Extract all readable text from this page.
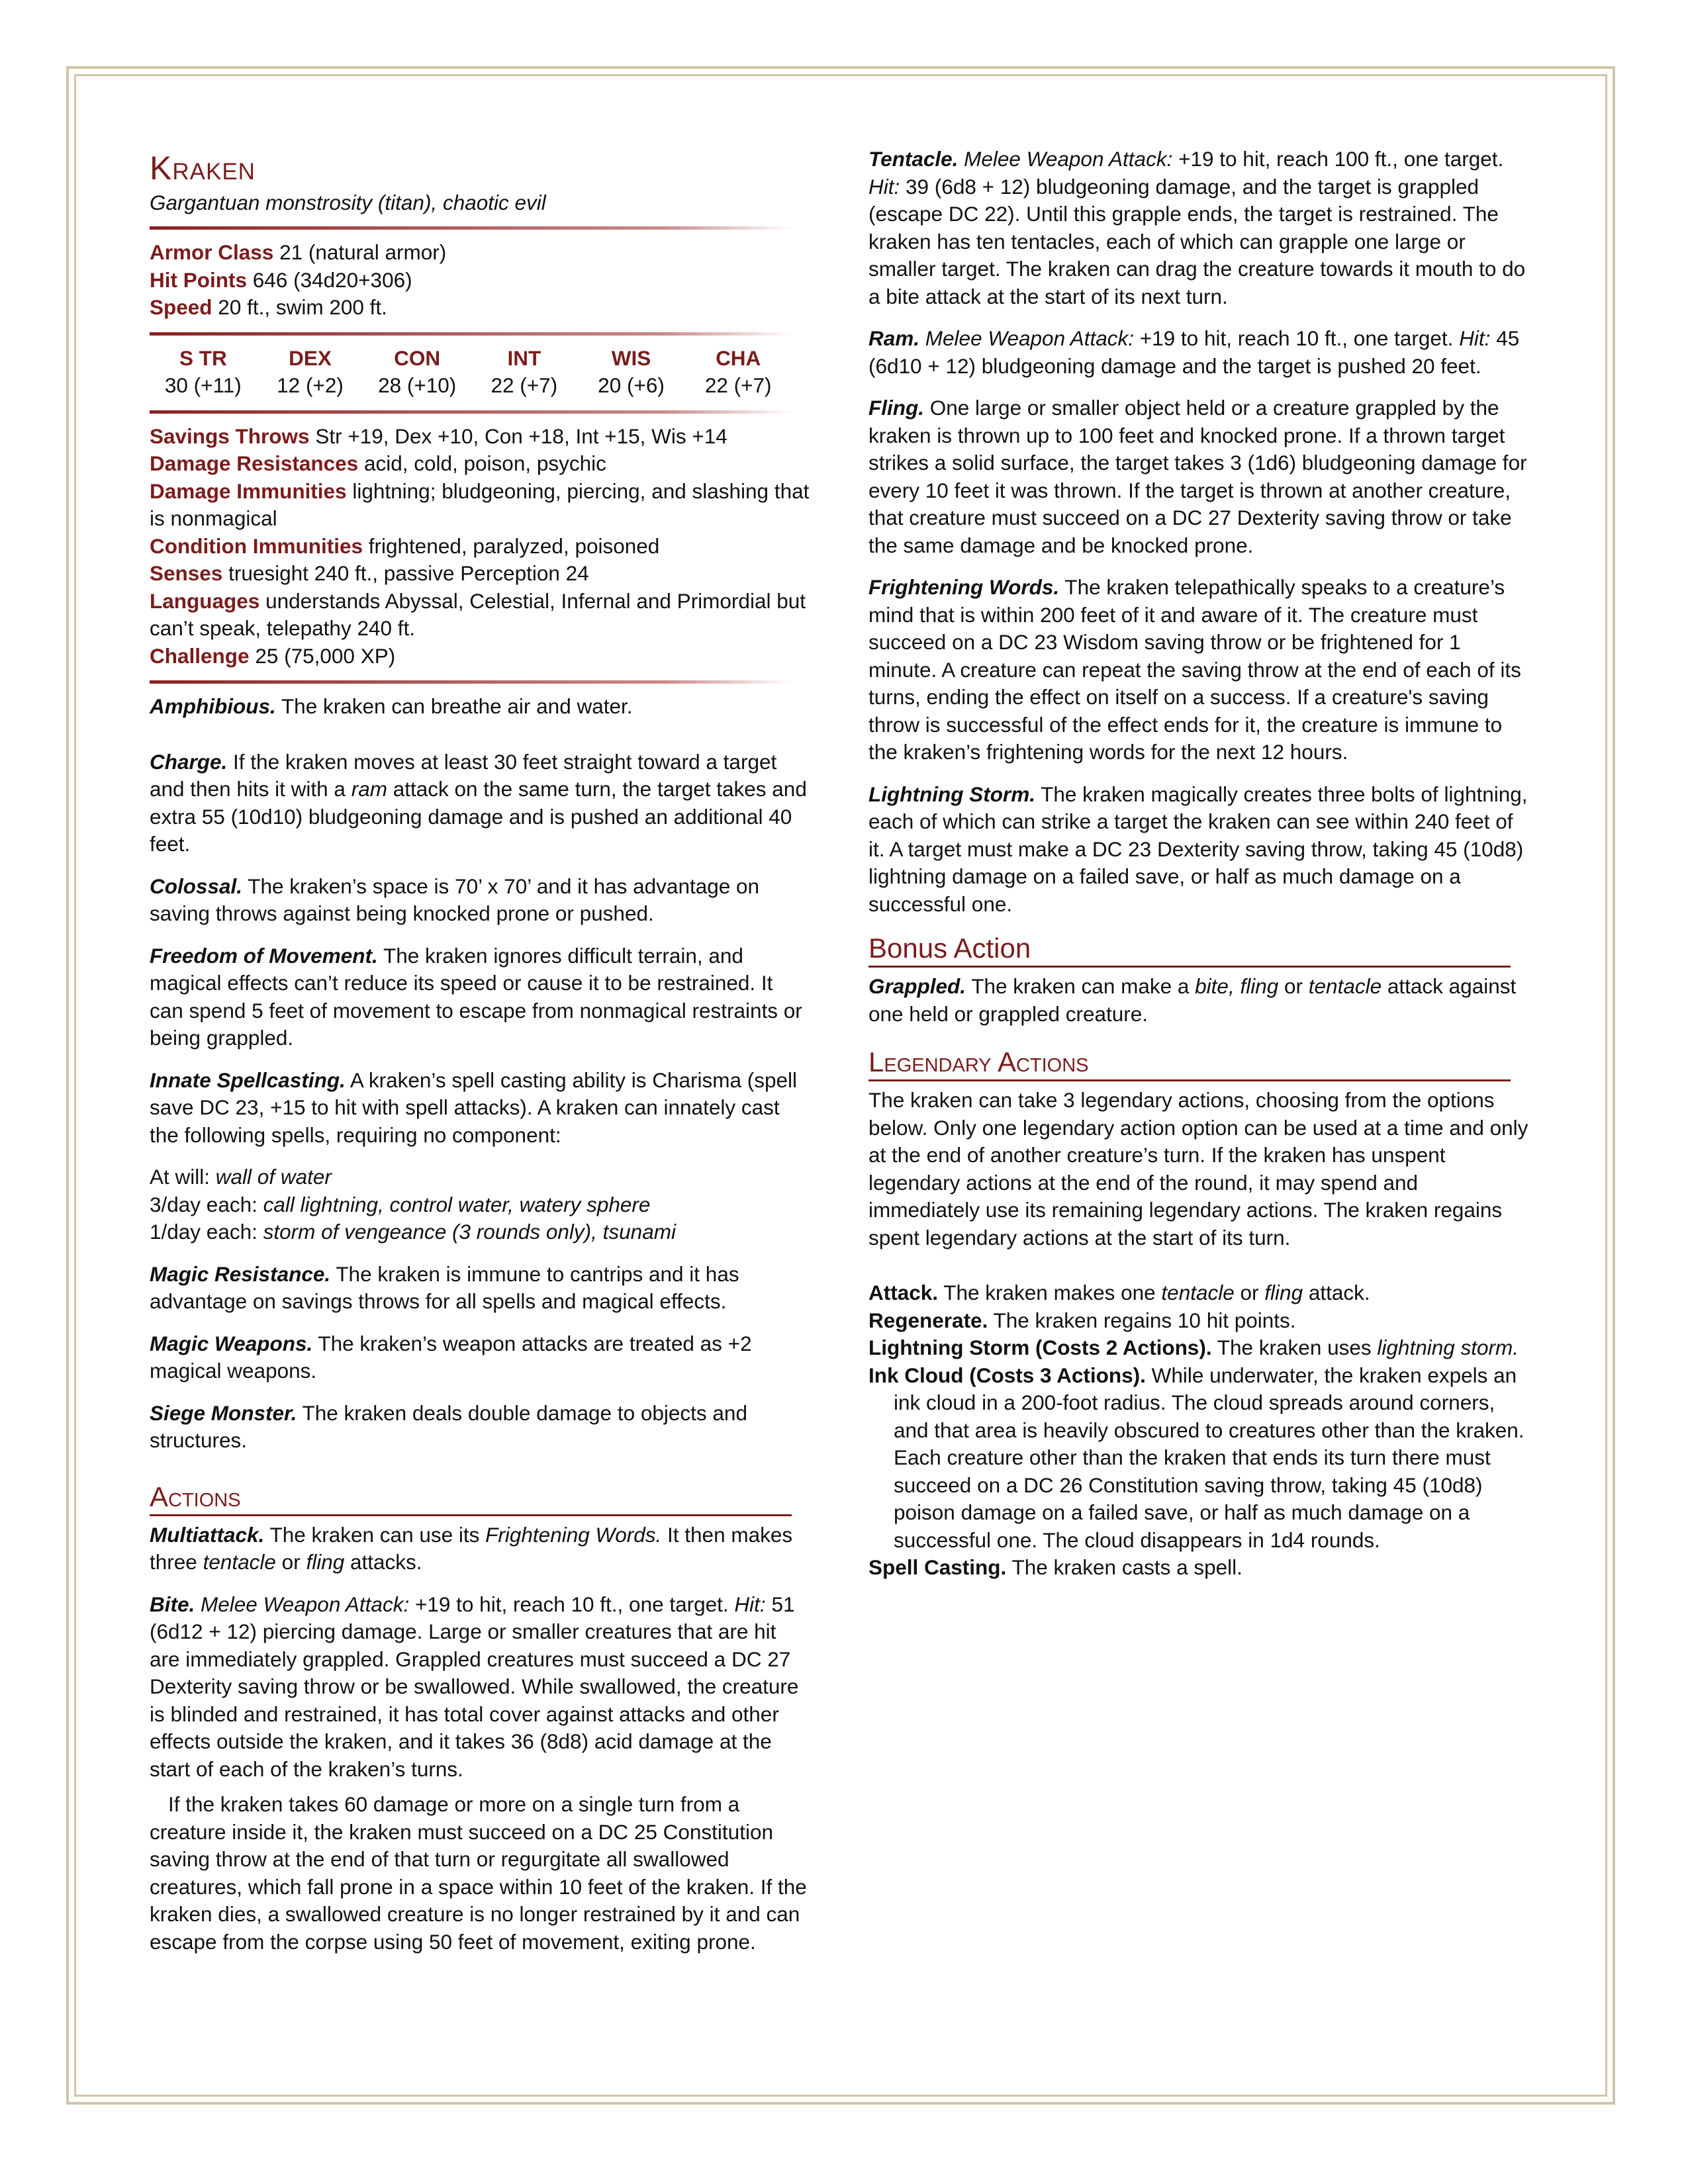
Kraken
Gargantuan monstrosity (titan), chaotic evil

Armor Class 21 (natural armor)

Hit Points 646 (34d20+306)

Speed 20 ft., swim 200 ft.

S TR
30 (+11)
DEX
12 (+2)
CON
28 (+10)
INT
22 (+7)
WIS
20 (+6)
CHA
22 (+7)

Savings Throws Str +19, Dex +10, Con +18, Int +15, Wis +14

Damage Resistances acid, cold, poison, psychic

Damage Immunities lightning; bludgeoning, piercing, and slashing that is nonmagical

Condition Immunities frightened, paralyzed, poisoned

Senses truesight 240 ft., passive Perception 24

Languages understands Abyssal, Celestial, Infernal and Primordial but can’t speak, telepathy 240 ft.

Challenge 25 (75,000 XP)

Amphibious. The kraken can breathe air and water.

Charge. If the kraken moves at least 30 feet straight toward a target and then hits it with a ram attack on the same turn, the target takes and extra 55 (10d10) bludgeoning damage and is pushed an additional 40 feet.

Colossal. The kraken’s space is 70’ x 70’ and it has advantage on saving throws against being knocked prone or pushed.

Freedom of Movement. The kraken ignores difficult terrain, and magical effects can’t reduce its speed or cause it to be restrained. It can spend 5 feet of movement to escape from nonmagical restraints or being grappled.

Innate Spellcasting. A kraken’s spell casting ability is Charisma (spell save DC 23, +15 to hit with spell attacks). A kraken can innately cast the following spells, requiring no component:

At will: wall of water

3/day each: call lightning, control water, watery sphere

1/day each: storm of vengeance (3 rounds only), tsunami

Magic Resistance. The kraken is immune to cantrips and it has advantage on savings throws for all spells and magical effects.

Magic Weapons. The kraken’s weapon attacks are treated as +2 magical weapons.

Siege Monster. The kraken deals double damage to objects and structures.

Actions

Multiattack. The kraken can use its Frightening Words. It then makes three tentacle or fling attacks.

Bite. Melee Weapon Attack: +19 to hit, reach 10 ft., one target. Hit: 51 (6d12 + 12) piercing damage. Large or smaller creatures that are hit are immediately grappled. Grappled creatures must succeed a DC 27 Dexterity saving throw or be swallowed. While swallowed, the creature is blinded and restrained, it has total cover against attacks and other effects outside the kraken, and it takes 36 (8d8) acid damage at the start of each of the kraken’s turns.

If the kraken takes 60 damage or more on a single turn from a creature inside it, the kraken must succeed on a DC 25 Constitution saving throw at the end of that turn or regurgitate all swallowed creatures, which fall prone in a space within 10 feet of the kraken. If the kraken dies, a swallowed creature is no longer restrained by it and can escape from the corpse using 50 feet of movement, exiting prone.

Tentacle. Melee Weapon Attack: +19 to hit, reach 100 ft., one target. Hit: 39 (6d8 + 12) bludgeoning damage, and the target is grappled (escape DC 22). Until this grapple ends, the target is restrained. The kraken has ten tentacles, each of which can grapple one large or smaller target. The kraken can drag the creature towards it mouth to do a bite attack at the start of its next turn.

Ram. Melee Weapon Attack: +19 to hit, reach 10 ft., one target. Hit: 45 (6d10 + 12) bludgeoning damage and the target is pushed 20 feet.

Fling. One large or smaller object held or a creature grappled by the kraken is thrown up to 100 feet and knocked prone. If a thrown target strikes a solid surface, the target takes 3 (1d6) bludgeoning damage for every 10 feet it was thrown. If the target is thrown at another creature, that creature must succeed on a DC 27 Dexterity saving throw or take the same damage and be knocked prone.

Frightening Words. The kraken telepathically speaks to a creature’s mind that is within 200 feet of it and aware of it. The creature must succeed on a DC 23 Wisdom saving throw or be frightened for 1 minute. A creature can repeat the saving throw at the end of each of its turns, ending the effect on itself on a success. If a creature's saving throw is successful of the effect ends for it, the creature is immune to the kraken’s frightening words for the next 12 hours.

Lightning Storm. The kraken magically creates three bolts of lightning, each of which can strike a target the kraken can see within 240 feet of it. A target must make a DC 23 Dexterity saving throw, taking 45 (10d8) lightning damage on a failed save, or half as much damage on a successful one.

Bonus Action

Grappled. The kraken can make a bite, fling or tentacle attack against one held or grappled creature.

Legendary Actions

The kraken can take 3 legendary actions, choosing from the options below. Only one legendary action option can be used at a time and only at the end of another creature’s turn. If the kraken has unspent legendary actions at the end of the round, it may spend and immediately use its remaining legendary actions. The kraken regains spent legendary actions at the start of its turn.

Attack. The kraken makes one tentacle or fling attack.

Regenerate. The kraken regains 10 hit points.

Lightning Storm (Costs 2 Actions). The kraken uses lightning storm.

Ink Cloud (Costs 3 Actions). While underwater, the kraken expels an ink cloud in a 200-foot radius. The cloud spreads around corners, and that area is heavily obscured to creatures other than the kraken. Each creature other than the kraken that ends its turn there must succeed on a DC 26 Constitution saving throw, taking 45 (10d8) poison damage on a failed save, or half as much damage on a successful one. The cloud disappears in 1d4 rounds.

Spell Casting. The kraken casts a spell.
